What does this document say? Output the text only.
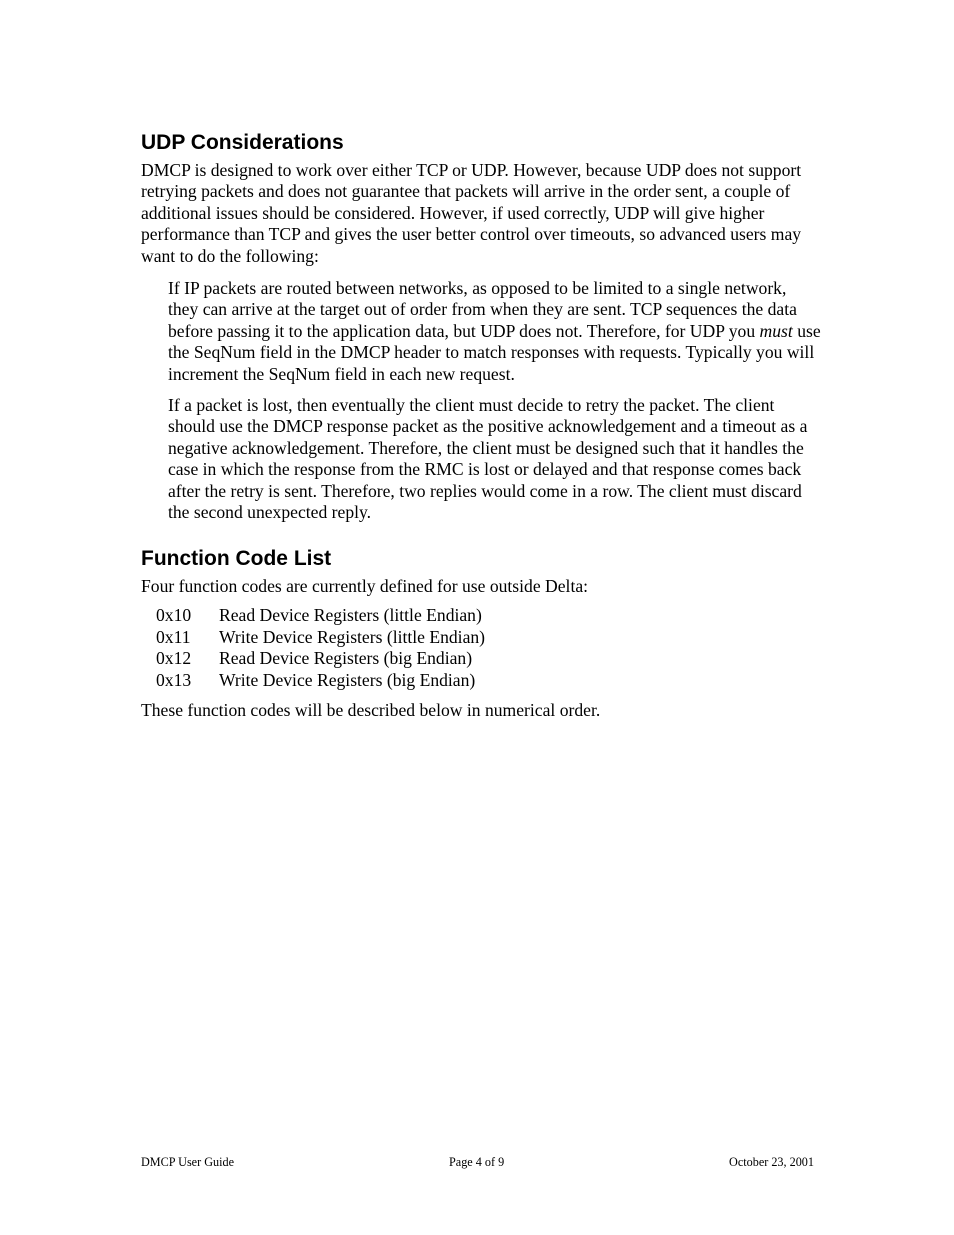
UDP Considerations

DMCP is designed to work over either TCP or UDP. However, because UDP does not support retrying packets and does not guarantee that packets will arrive in the order sent, a couple of additional issues should be considered. However, if used correctly, UDP will give higher performance than TCP and gives the user better control over timeouts, so advanced users may want to do the following:

If IP packets are routed between networks, as opposed to be limited to a single network, they can arrive at the target out of order from when they are sent. TCP sequences the data before passing it to the application data, but UDP does not. Therefore, for UDP you must use the SeqNum field in the DMCP header to match responses with requests. Typically you will increment the SeqNum field in each new request.

If a packet is lost, then eventually the client must decide to retry the packet. The client should use the DMCP response packet as the positive acknowledgement and a timeout as a negative acknowledgement. Therefore, the client must be designed such that it handles the case in which the response from the RMC is lost or delayed and that response comes back after the retry is sent. Therefore, two replies would come in a row. The client must discard the second unexpected reply.

Function Code List

Four function codes are currently defined for use outside Delta:

0x10	Read Device Registers (little Endian)
0x11	Write Device Registers (little Endian)
0x12	Read Device Registers (big Endian)
0x13	Write Device Registers (big Endian)

These function codes will be described below in numerical order.

DMCP User Guide	Page 4 of 9	October 23, 2001
